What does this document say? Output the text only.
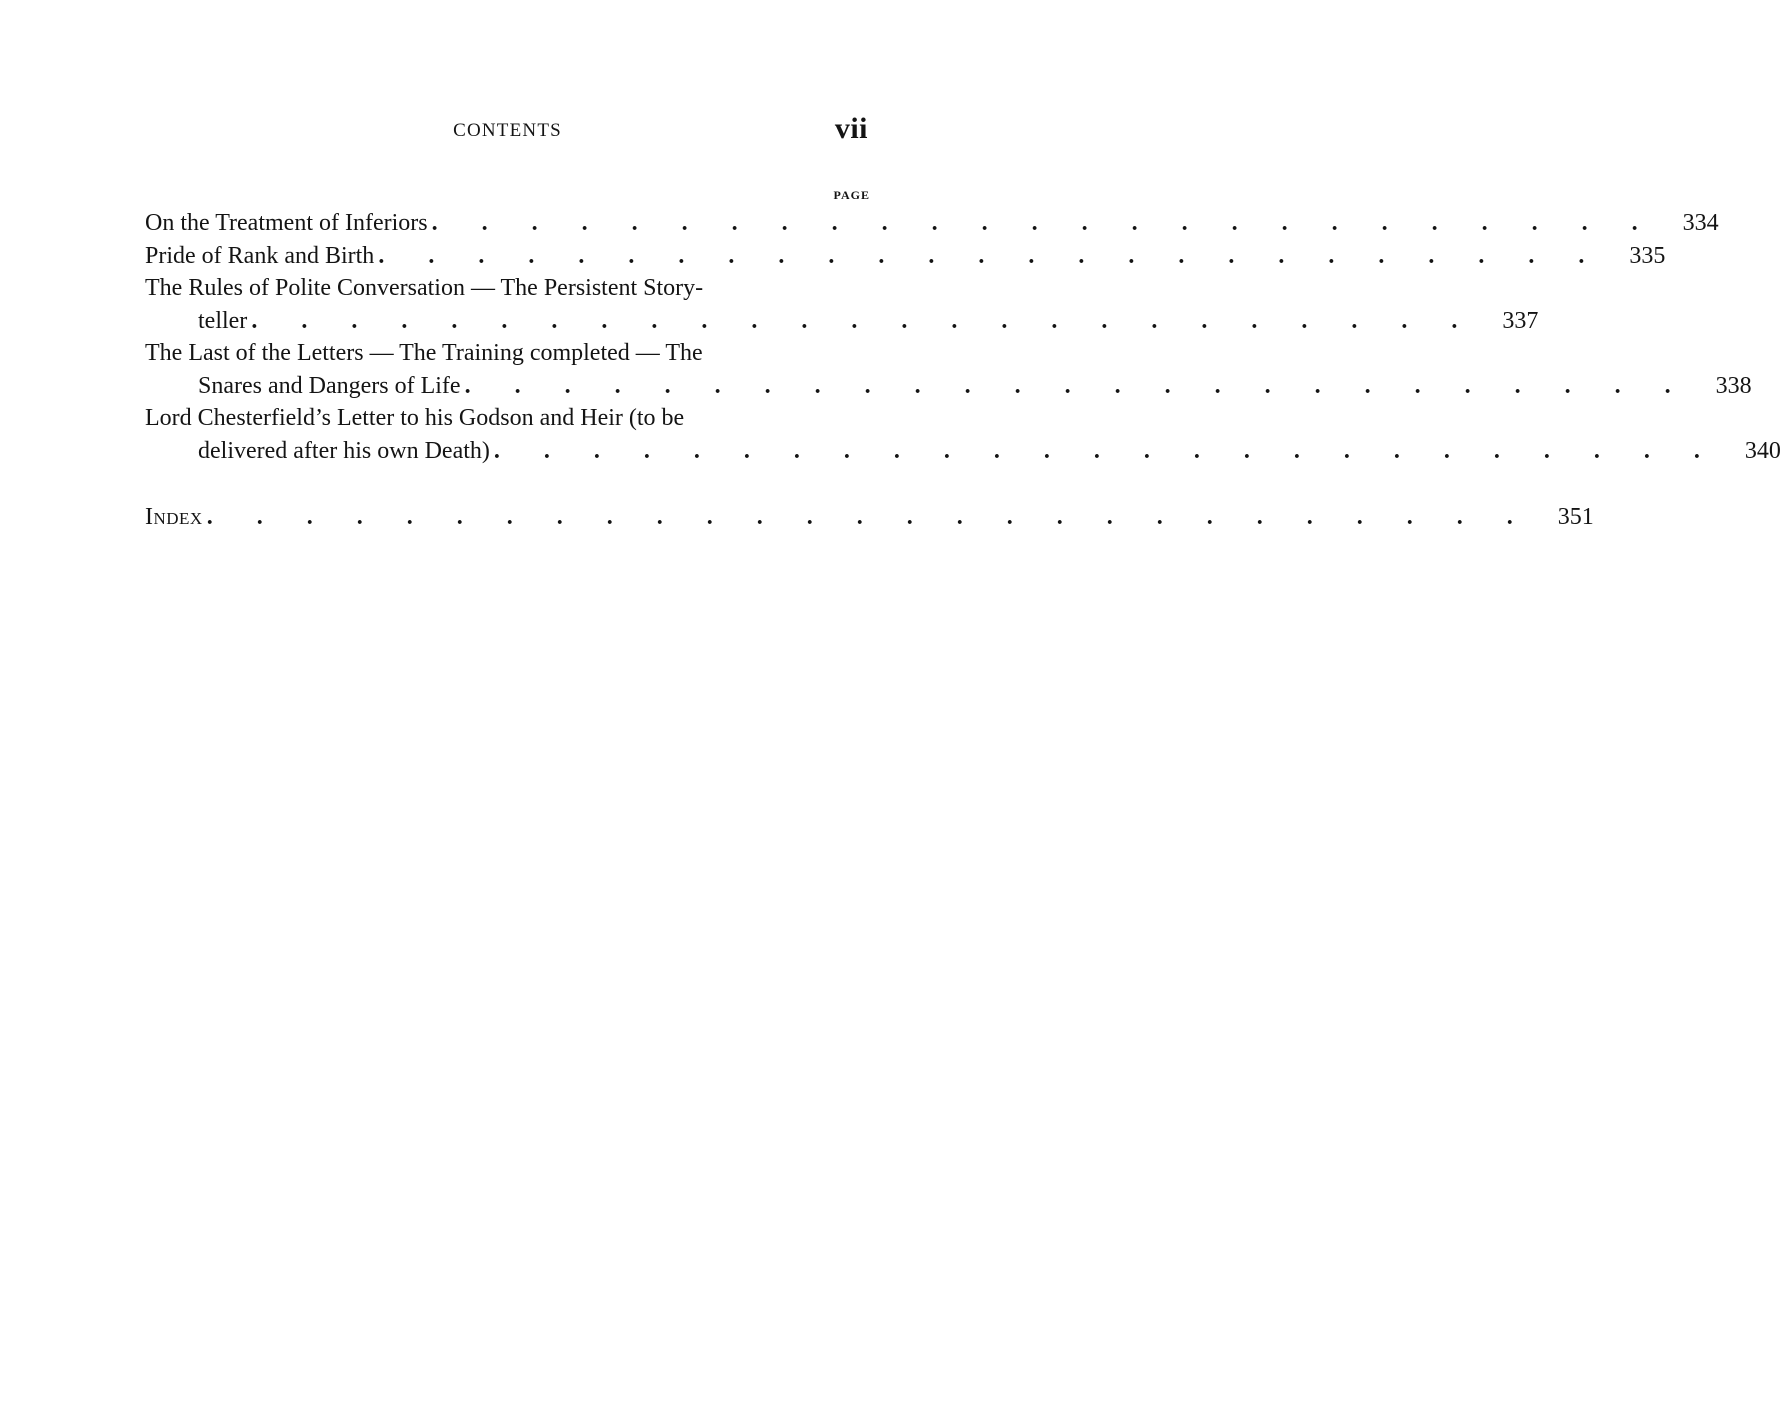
CONTENTS	vii
PAGE
On the Treatment of Inferiors . . . . . . . . . . . . . . . . . . . . . . . . .	334
Pride of Rank and Birth . . . . . . . . . . . . . . . . . . . . . . . . .	335
The Rules of Polite Conversation — The Persistent Story-
teller . . . . . . . . . . . . . . . . . . . . . . . . .	337
The Last of the Letters — The Training completed — The
Snares and Dangers of Life . . . . . . . . . . . . . . . . . . . . . . . . .	338
Lord Chesterfield’s Letter to his Godson and Heir (to be
delivered after his own Death) . . . . . . . . . . . . . . . . . . . . . . . . .	340
Index . . . . . . . . . . . . . . . . . . . . . . . . . . .	351
